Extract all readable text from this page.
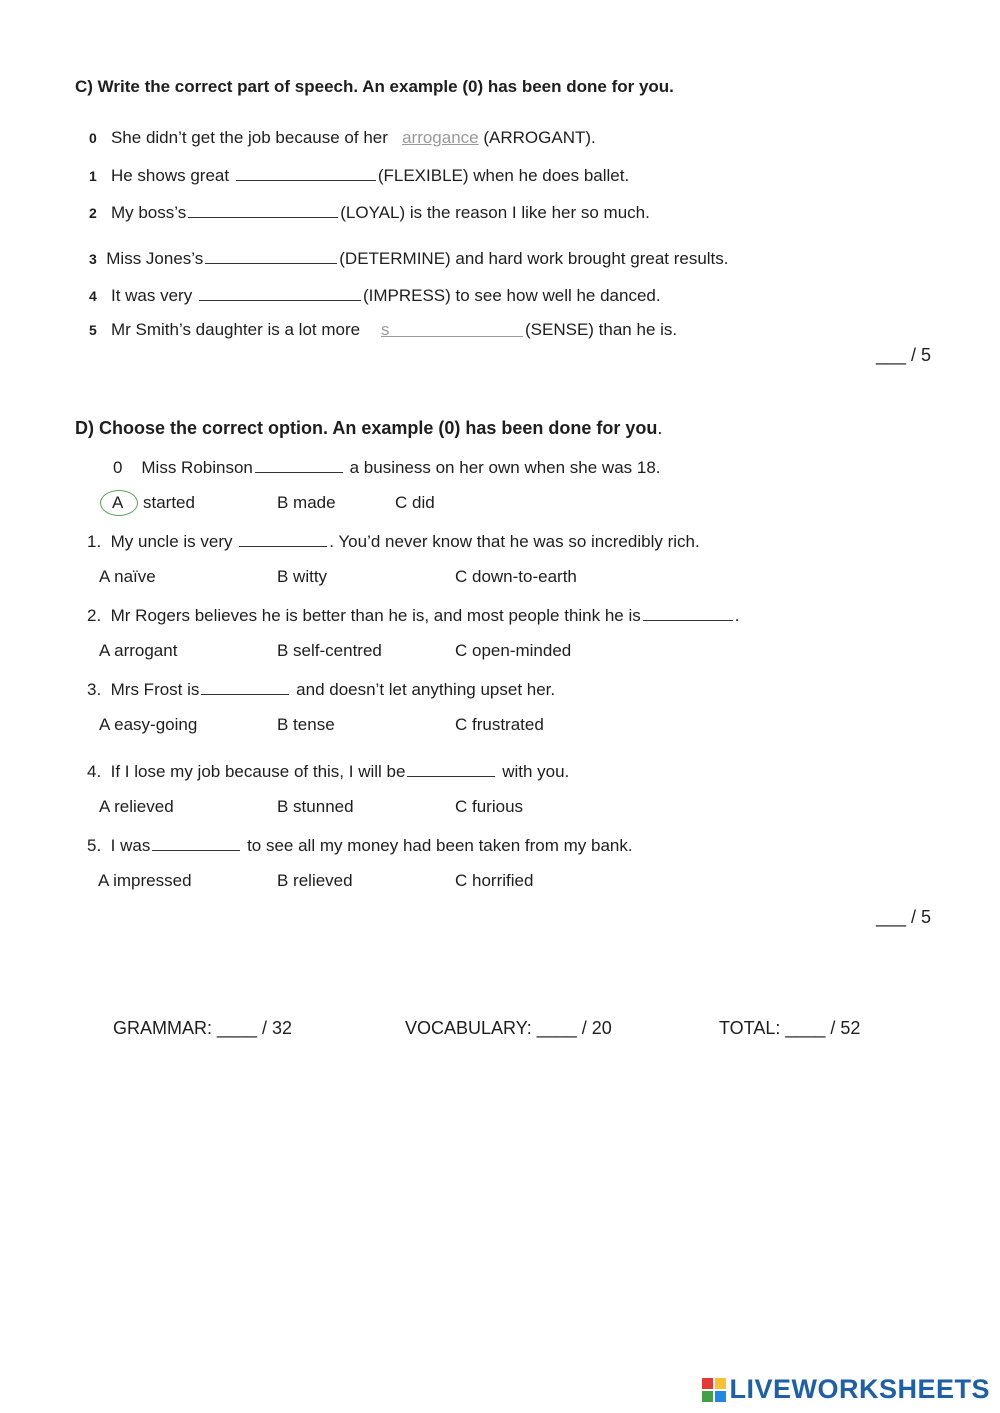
C) Write the correct part of speech. An example (0) has been done for you.
0 She didn’t get the job because of her arrogance (ARROGANT).
1 He shows great	(FLEXIBLE) when he does ballet.
2 My boss’s	(LOYAL) is the reason I like her so much.
3 Miss Jones’s	(DETERMINE) and hard work brought great results.
4 It was very	(IMPRESS) to see how well he danced.
5 Mr Smith’s daughter is a lot more s	(SENSE) than he is.
___ / 5
D) Choose the correct option. An example (0) has been done for you.
0 Miss Robinson	a business on her own when she was 18.
A started	B made	C did
1. My uncle is very	. You’d never know that he was so incredibly rich.
A naïve	B witty	C down-to-earth
2. Mr Rogers believes he is better than he is, and most people think he is	.
A arrogant	B self-centred	C open-minded
3. Mrs Frost is	and doesn’t let anything upset her.
A easy-going	B tense	C frustrated
4. If I lose my job because of this, I will be	with you.
A relieved	B stunned	C furious
5. I was	to see all my money had been taken from my bank.
A impressed	B relieved	C horrified
___ / 5
GRAMMAR: ____ / 32	VOCABULARY: ____ / 20	TOTAL: ____ / 52
LIVEWORKSHEETS
